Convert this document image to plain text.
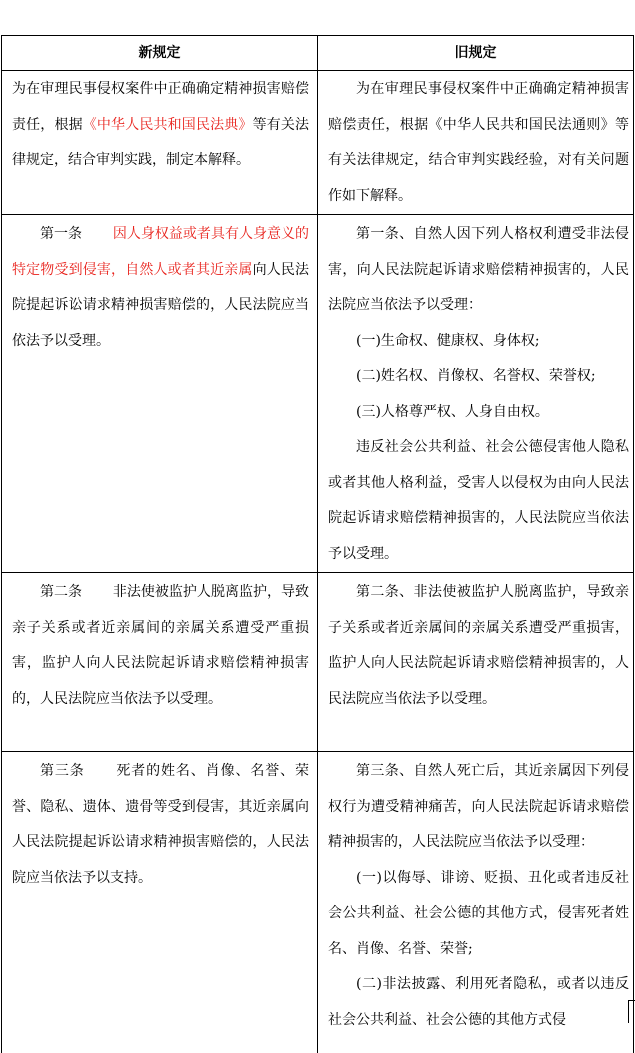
新规定	旧规定

为在审理民事侵权案件中正确确定精神损害赔偿责任，根据《中华人民共和国民法典》等有关法律规定，结合审判实践，制定本解释。	为在审理民事侵权案件中正确确定精神损害赔偿责任，根据《中华人民共和国民法通则》等有关法律规定，结合审判实践经验，对有关问题作如下解释。

第一条 因人身权益或者具有人身意义的特定物受到侵害，自然人或者其近亲属向人民法院提起诉讼请求精神损害赔偿的，人民法院应当依法予以受理。	第一条、自然人因下列人格权利遭受非法侵害，向人民法院起诉请求赔偿精神损害的，人民法院应当依法予以受理：

(一)生命权、健康权、身体权;

(二)姓名权、肖像权、名誉权、荣誉权;

(三)人格尊严权、人身自由权。

违反社会公共利益、社会公德侵害他人隐私或者其他人格利益，受害人以侵权为由向人民法院起诉请求赔偿精神损害的，人民法院应当依法予以受理。

第二条 非法使被监护人脱离监护，导致亲子关系或者近亲属间的亲属关系遭受严重损害，监护人向人民法院起诉请求赔偿精神损害的，人民法院应当依法予以受理。	第二条、非法使被监护人脱离监护，导致亲子关系或者近亲属间的亲属关系遭受严重损害，监护人向人民法院起诉请求赔偿精神损害的，人民法院应当依法予以受理。

第三条 死者的姓名、肖像、名誉、荣誉、隐私、遗体、遗骨等受到侵害，其近亲属向人民法院提起诉讼请求精神损害赔偿的，人民法院应当依法予以支持。	第三条、自然人死亡后，其近亲属因下列侵权行为遭受精神痛苦，向人民法院起诉请求赔偿精神损害的，人民法院应当依法予以受理：

(一)以侮辱、诽谤、贬损、丑化或者违反社会公共利益、社会公德的其他方式，侵害死者姓名、肖像、名誉、荣誉;

(二)非法披露、利用死者隐私，或者以违反社会公共利益、社会公德的其他方式侵
